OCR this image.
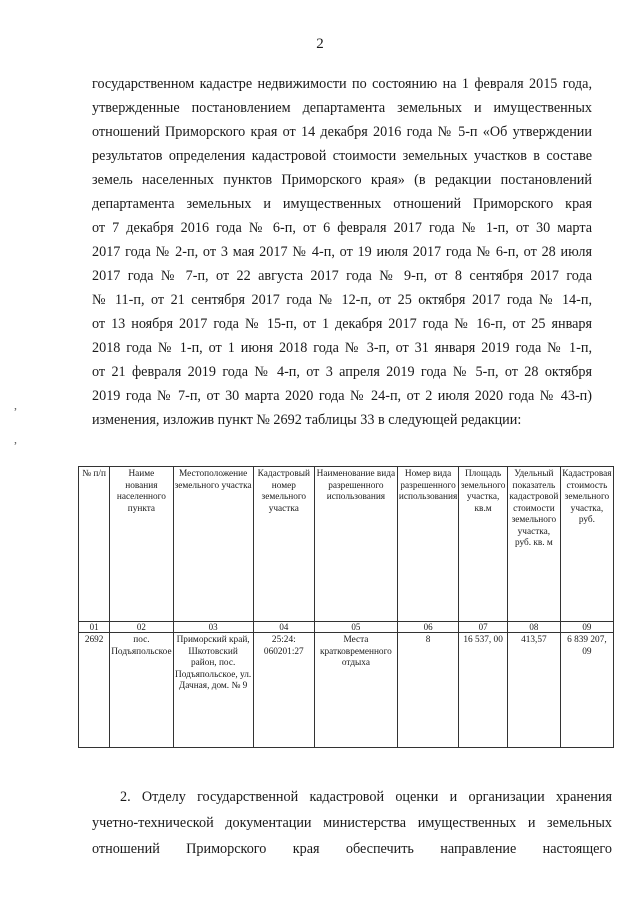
2
,
,
государственном кадастре недвижимости по состоянию на 1 февраля 2015 года,
утвержденные постановлением департамента земельных и имущественных
отношений Приморского края от 14 декабря 2016 года № 5-п «Об утверждении
результатов определения кадастровой стоимости земельных участков в составе
земель населенных пунктов Приморского края» (в редакции постановлений
департамента земельных и имущественных отношений Приморского края
от 7 декабря 2016 года № 6-п, от 6 февраля 2017 года № 1-п, от 30 марта
2017 года № 2-п, от 3 мая 2017 № 4-п, от 19 июля 2017 года № 6-п, от 28 июля
2017 года № 7-п, от 22 августа 2017 года № 9-п, от 8 сентября 2017 года
№ 11-п, от 21 сентября 2017 года № 12-п, от 25 октября 2017 года № 14-п,
от 13 ноября 2017 года № 15-п, от 1 декабря 2017 года № 16-п, от 25 января
2018 года № 1-п, от 1 июня 2018 года № 3-п, от 31 января 2019 года № 1-п,
от 21 февраля 2019 года № 4-п, от 3 апреля 2019 года № 5-п, от 28 октября
2019 года № 7-п, от 30 марта 2020 года № 24-п, от 2 июля 2020 года № 43-п)
изменения, изложив пункт № 2692 таблицы 33 в следующей редакции:
№ п/п	Наиме нования населенного пункта	Местоположение земельного участка	Кадастровый номер земельного участка	Наименование вида разрешенного использования	Номер вида разрешенного использования	Площадь земельного участка, кв.м	Удельный показатель кадастровой стоимости земельного участка, руб. кв. м	Кадастровая стоимость земельного участка, руб.
01	02	03	04	05	06	07	08	09
2692	пос. Подъяпольское	Приморский край, Шкотовский район, пос. Подъяпольское, ул. Дачная, дом. № 9	25:24: 060201:27	Места кратковременного отдыха	8	16 537, 00	413,57	6 839 207, 09
2. Отделу государственной кадастровой оценки и организации хранения
учетно-технической документации министерства имущественных и земельных
отношений Приморского края обеспечить направление настоящего
